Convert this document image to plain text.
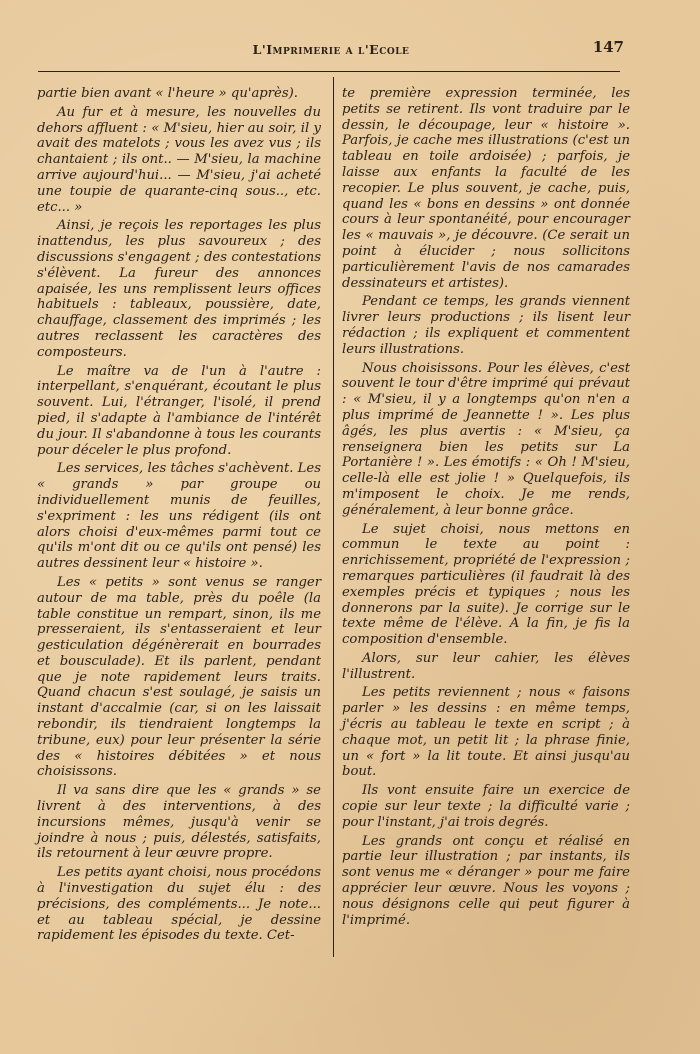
L'Imprimerie a l'Ecole	147

partie bien avant « l'heure » qu'après).

Au fur et à mesure, les nouvelles du dehors affluent : « M'sieu, hier au soir, il y avait des matelots ; vous les avez vus ; ils chantaient ; ils ont.. — M'sieu, la machine arrive aujourd'hui... — M'sieu, j'ai acheté une toupie de quarante-cinq sous.., etc. etc... »

Ainsi, je reçois les reportages les plus inattendus, les plus savoureux ; des discussions s'engagent ; des contestations s'élèvent. La fureur des annonces apaisée, les uns remplissent leurs offices habituels : tableaux, poussière, date, chauffage, classement des imprimés ; les autres reclassent les caractères des composteurs.

Le maître va de l'un à l'autre : interpellant, s'enquérant, écoutant le plus souvent. Lui, l'étranger, l'isolé, il prend pied, il s'adapte à l'ambiance de l'intérêt du jour. Il s'abandonne à tous les courants pour déceler le plus profond.

Les services, les tâches s'achèvent. Les « grands » par groupe ou individuellement munis de feuilles, s'expriment : les uns rédigent (ils ont alors choisi d'eux-mêmes parmi tout ce qu'ils m'ont dit ou ce qu'ils ont pensé) les autres dessinent leur « histoire ».

Les « petits » sont venus se ranger autour de ma table, près du poêle (la table constitue un rempart, sinon, ils me presseraient, ils s'entasseraient et leur gesticulation dégénèrerait en bourrades et bousculade). Et ils parlent, pendant que je note rapidement leurs traits. Quand chacun s'est soulagé, je saisis un instant d'accalmie (car, si on les laissait rebondir, ils tiendraient longtemps la tribune, eux) pour leur présenter la série des « histoires débitées » et nous choisissons.

Il va sans dire que les « grands » se livrent à des interventions, à des incursions mêmes, jusqu'à venir se joindre à nous ; puis, délestés, satisfaits, ils retournent à leur œuvre propre.

Les petits ayant choisi, nous procédons à l'investigation du sujet élu : des précisions, des compléments... Je note... et au tableau spécial, je dessine rapidement les épisodes du texte. Cet-

te première expression terminée, les petits se retirent. Ils vont traduire par le dessin, le découpage, leur « histoire ». Parfois, je cache mes illustrations (c'est un tableau en toile ardoisée) ; parfois, je laisse aux enfants la faculté de les recopier. Le plus souvent, je cache, puis, quand les « bons en dessins » ont donnée cours à leur spontanéité, pour encourager les « mauvais », je découvre. (Ce serait un point à élucider ; nous sollicitons particulièrement l'avis de nos camarades dessinateurs et artistes).

Pendant ce temps, les grands viennent livrer leurs productions ; ils lisent leur rédaction ; ils expliquent et commentent leurs illustrations.

Nous choisissons. Pour les élèves, c'est souvent le tour d'être imprimé qui prévaut : « M'sieu, il y a longtemps qu'on n'en a plus imprimé de Jeannette ! ». Les plus âgés, les plus avertis : « M'sieu, ça renseignera bien les petits sur La Portanière ! ». Les émotifs : « Oh ! M'sieu, celle-là elle est jolie ! » Quelquefois, ils m'imposent le choix. Je me rends, généralement, à leur bonne grâce.

Le sujet choisi, nous mettons en commun le texte au point : enrichissement, propriété de l'expression ; remarques particulières (il faudrait là des exemples précis et typiques ; nous les donnerons par la suite). Je corrige sur le texte même de l'élève. A la fin, je fis la composition d'ensemble.

Alors, sur leur cahier, les élèves l'illustrent.

Les petits reviennent ; nous « faisons parler » les dessins : en même temps, j'écris au tableau le texte en script ; à chaque mot, un petit lit ; la phrase finie, un « fort » la lit toute. Et ainsi jusqu'au bout.

Ils vont ensuite faire un exercice de copie sur leur texte ; la difficulté varie ; pour l'instant, j'ai trois degrés.

Les grands ont conçu et réalisé en partie leur illustration ; par instants, ils sont venus me « déranger » pour me faire apprécier leur œuvre. Nous les voyons ; nous désignons celle qui peut figurer à l'imprimé.
